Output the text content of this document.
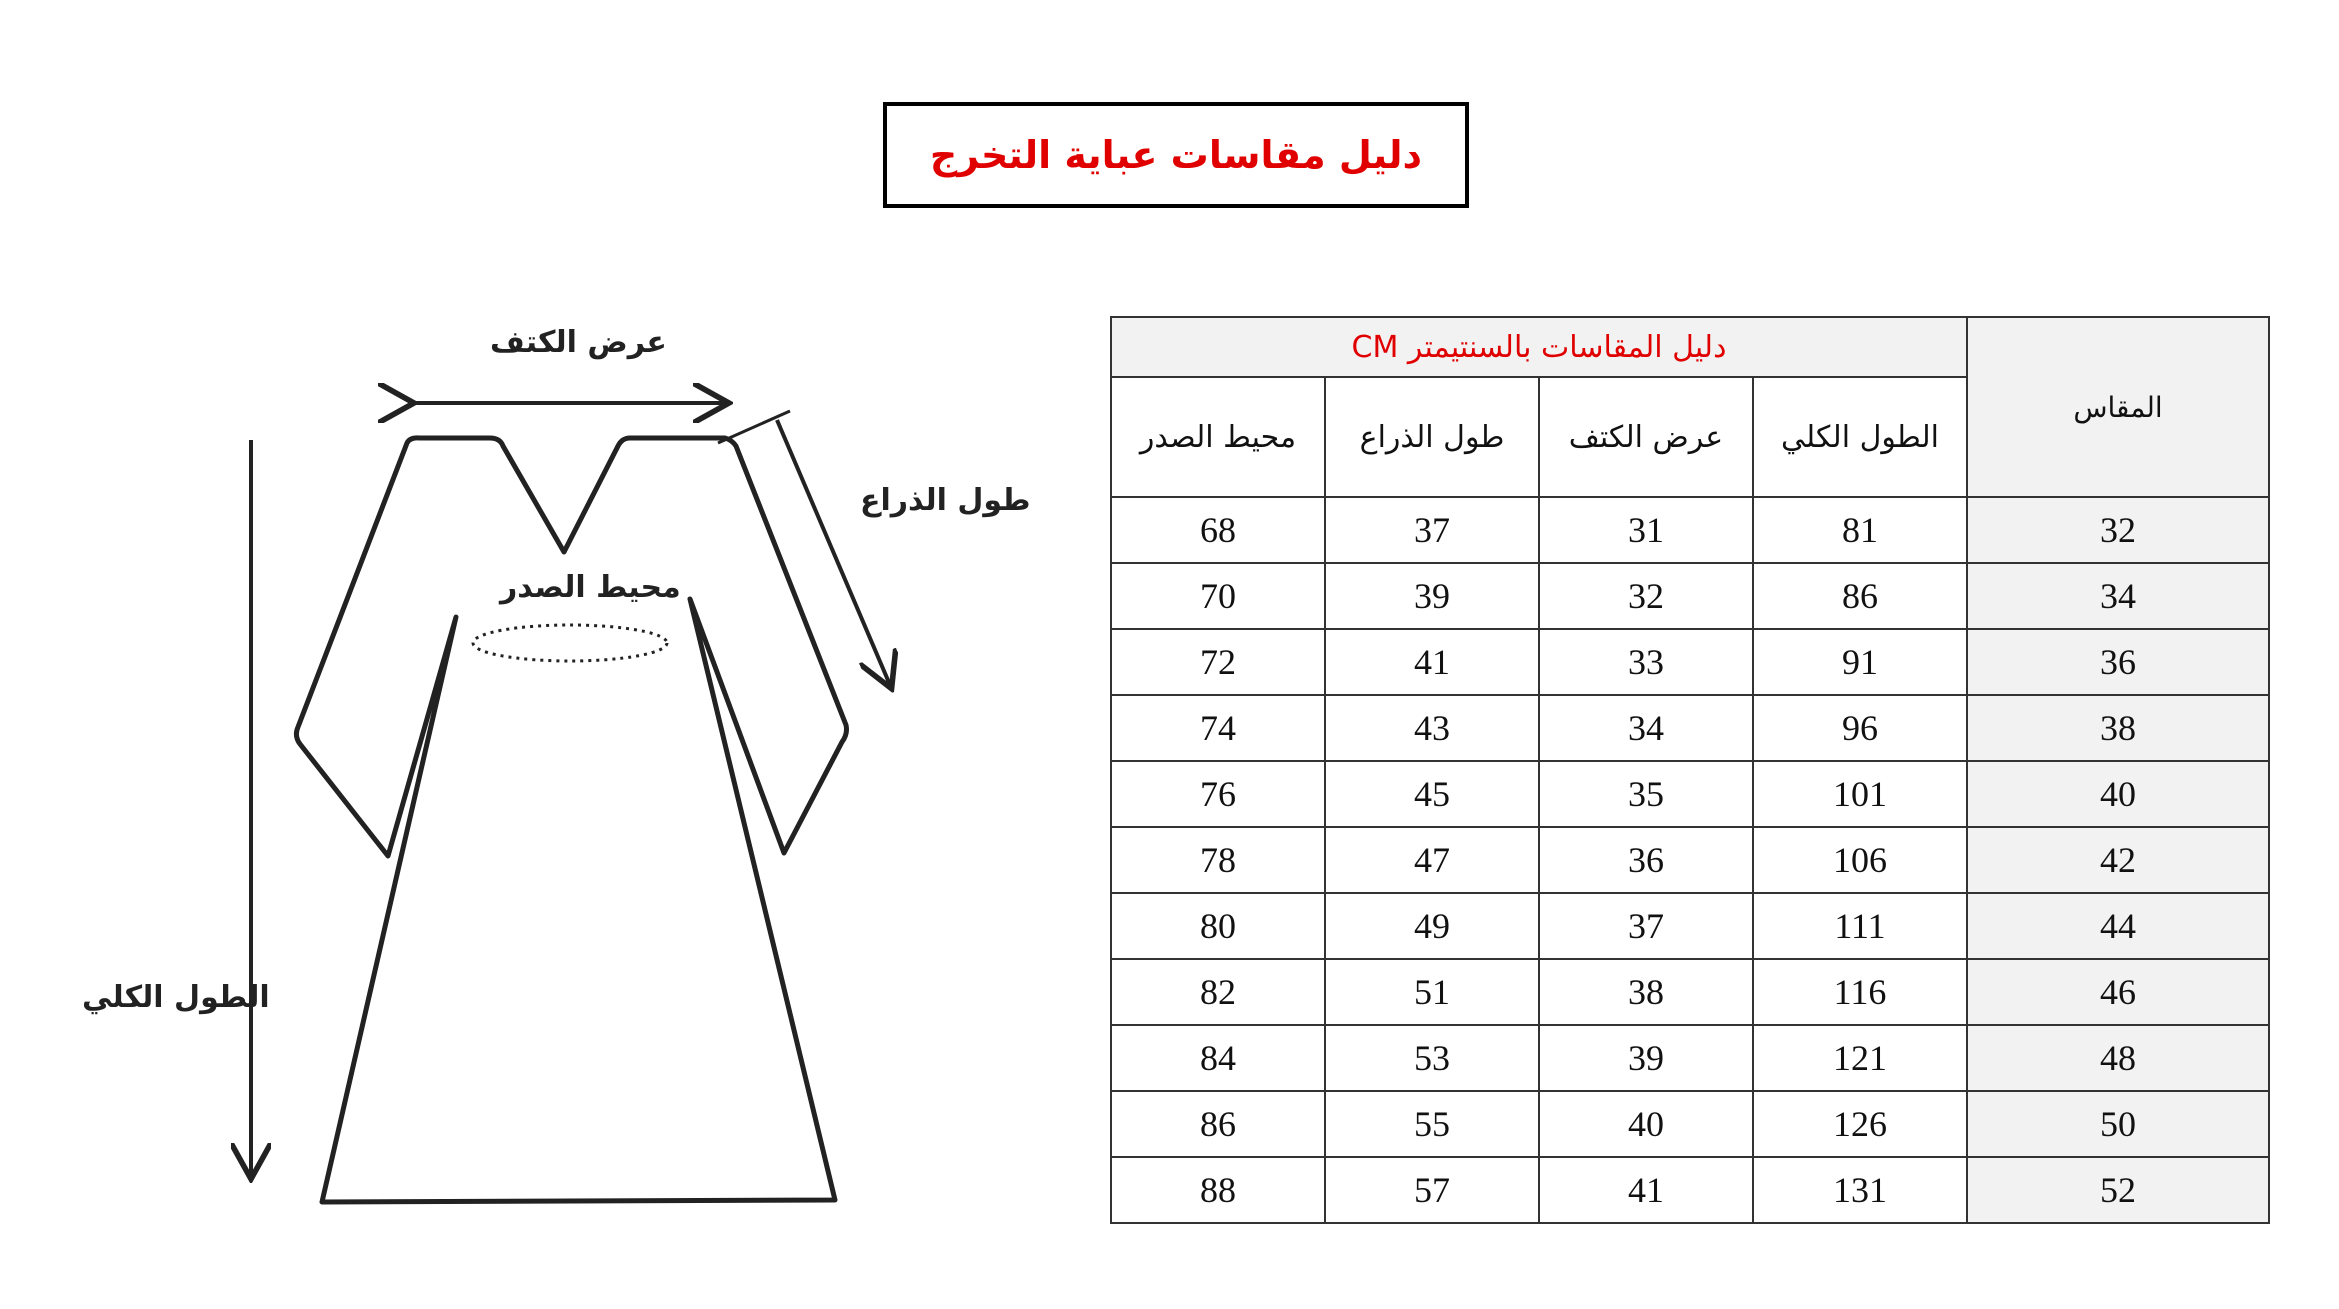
دليل مقاسات عباية التخرج
عرض الكتف
طول الذراع
محيط الصدر
الطول الكلي
المقاس	دليل المقاسات بالسنتيمتر CM			
	الطول الكلي	عرض الكتف	طول الذراع	محيط الصدر
32	81	31	37	68
34	86	32	39	70
36	91	33	41	72
38	96	34	43	74
40	101	35	45	76
42	106	36	47	78
44	111	37	49	80
46	116	38	51	82
48	121	39	53	84
50	126	40	55	86
52	131	41	57	88
